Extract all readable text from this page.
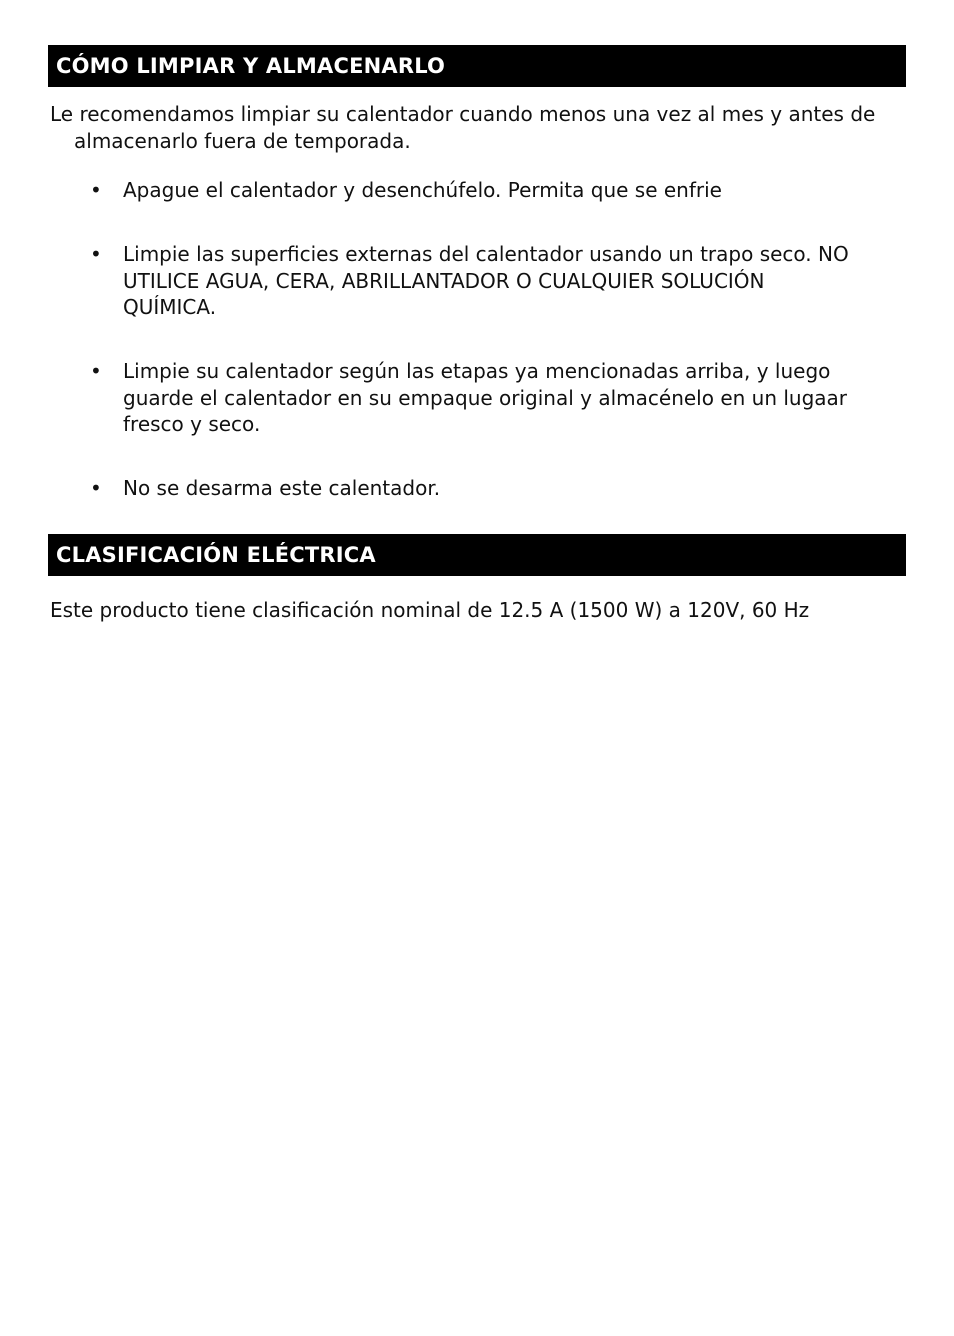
CÓMO LIMPIAR Y ALMACENARLO

Le recomendamos limpiar su calentador cuando menos una vez al mes y antes de almacenarlo fuera de temporada.

• Apague el calentador y desenchúfelo. Permita que se enfrie
• Limpie las superficies externas del calentador usando un trapo seco. NO UTILICE AGUA, CERA, ABRILLANTADOR O CUALQUIER SOLUCIÓN QUÍMICA.
• Limpie su calentador según las etapas ya mencionadas arriba, y luego guarde el calentador en su empaque original y almacénelo en un lugaar fresco y seco.
• No se desarma este calentador.
CLASIFICACIÓN ELÉCTRICA

Este producto tiene clasificación nominal de 12.5 A (1500 W) a 120V, 60 Hz
